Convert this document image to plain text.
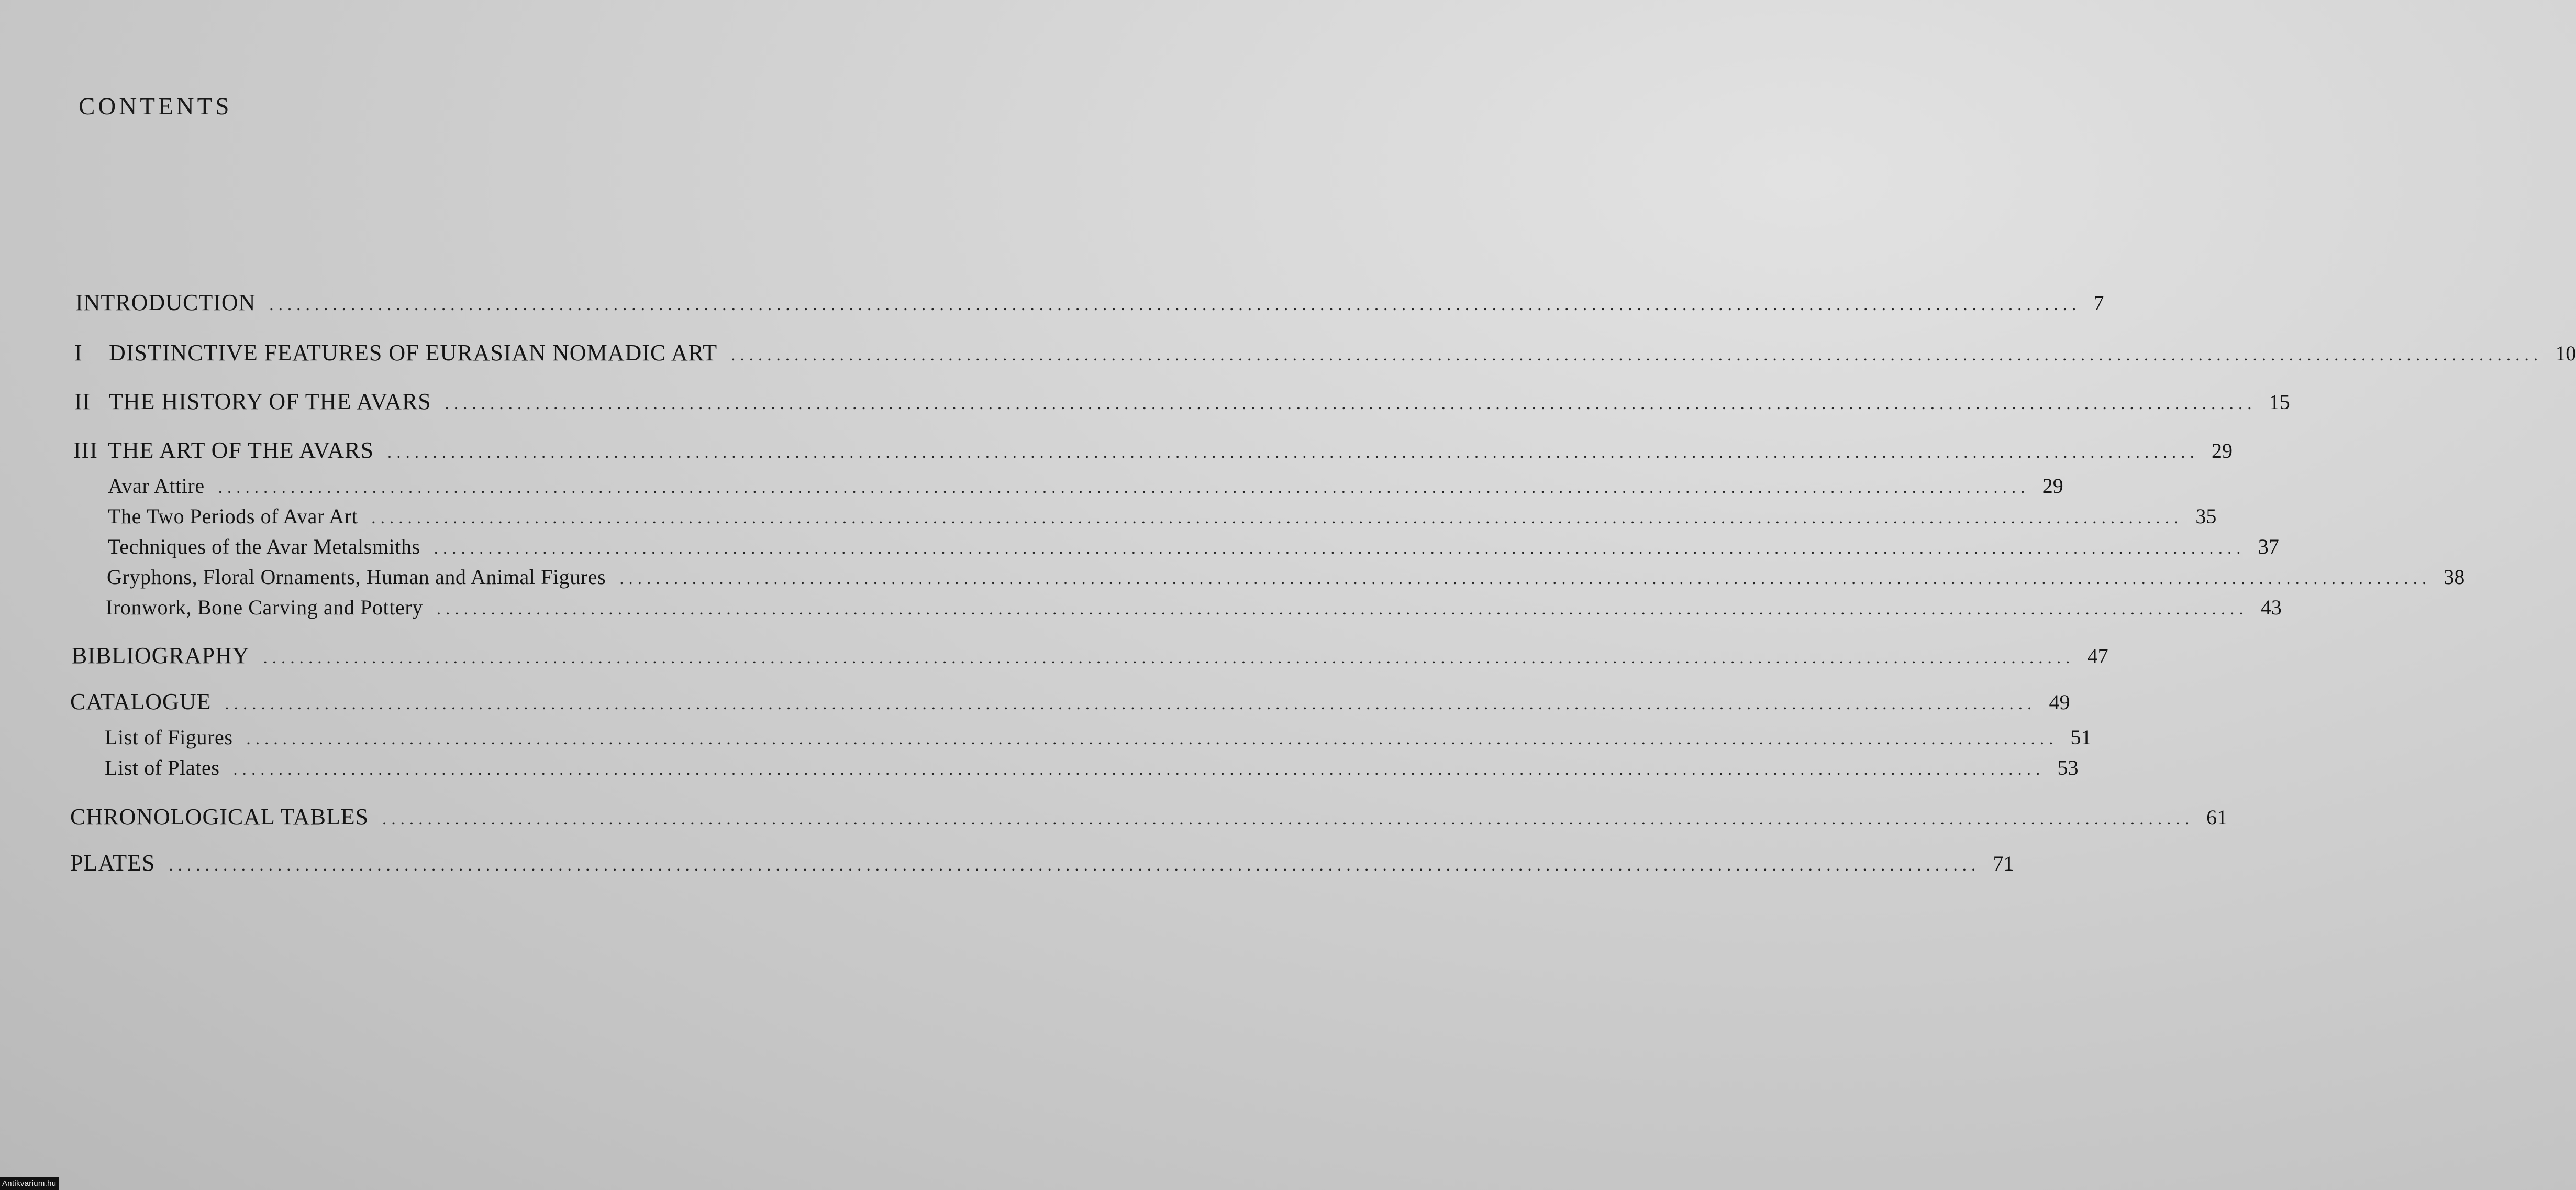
CONTENTS
INTRODUCTION ........................................................................................................................................................................................................ 7
I DISTINCTIVE FEATURES OF EURASIAN NOMADIC ART ........................................................................................................................................................................................................ 10
II THE HISTORY OF THE AVARS ........................................................................................................................................................................................................ 15
III THE ART OF THE AVARS ........................................................................................................................................................................................................ 29
Avar Attire ........................................................................................................................................................................................................ 29
The Two Periods of Avar Art ........................................................................................................................................................................................................ 35
Techniques of the Avar Metalsmiths ........................................................................................................................................................................................................ 37
Gryphons, Floral Ornaments, Human and Animal Figures ........................................................................................................................................................................................................ 38
Ironwork, Bone Carving and Pottery ........................................................................................................................................................................................................ 43
BIBLIOGRAPHY ........................................................................................................................................................................................................ 47
CATALOGUE ........................................................................................................................................................................................................ 49
List of Figures ........................................................................................................................................................................................................ 51
List of Plates ........................................................................................................................................................................................................ 53
CHRONOLOGICAL TABLES ........................................................................................................................................................................................................ 61
PLATES ........................................................................................................................................................................................................ 71
Antikvarium.hu
